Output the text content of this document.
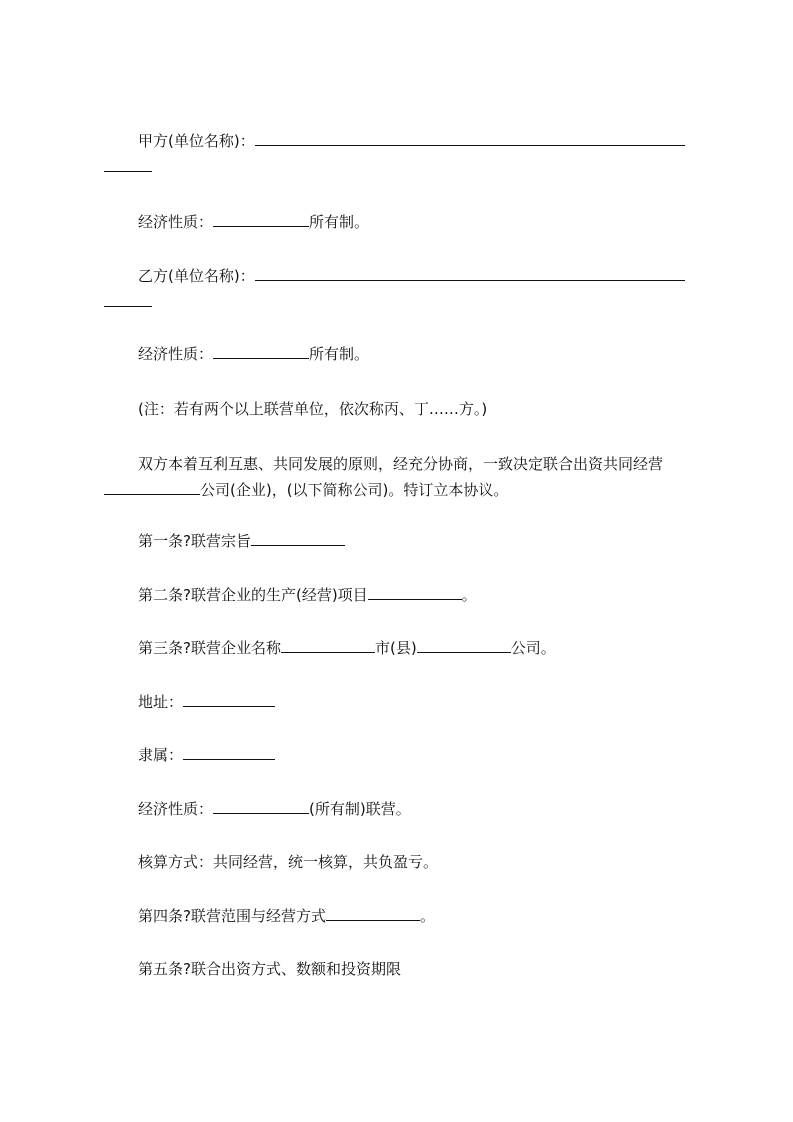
甲方(单位名称)：
经济性质：	所有制。
乙方(单位名称)：
经济性质：	所有制。
(注：若有两个以上联营单位，依次称丙、丁……方。)
双方本着互利互惠、共同发展的原则，经充分协商，一致决定联合出资共同经营
公司(企业)，(以下简称公司)。特订立本协议。
第一条?联营宗旨
第二条?联营企业的生产(经营)项目	。
第三条?联营企业名称	市(县)	公司。
地址：
隶属：
经济性质：	(所有制)联营。
核算方式：共同经营，统一核算，共负盈亏。
第四条?联营范围与经营方式	。
第五条?联合出资方式、数额和投资期限
